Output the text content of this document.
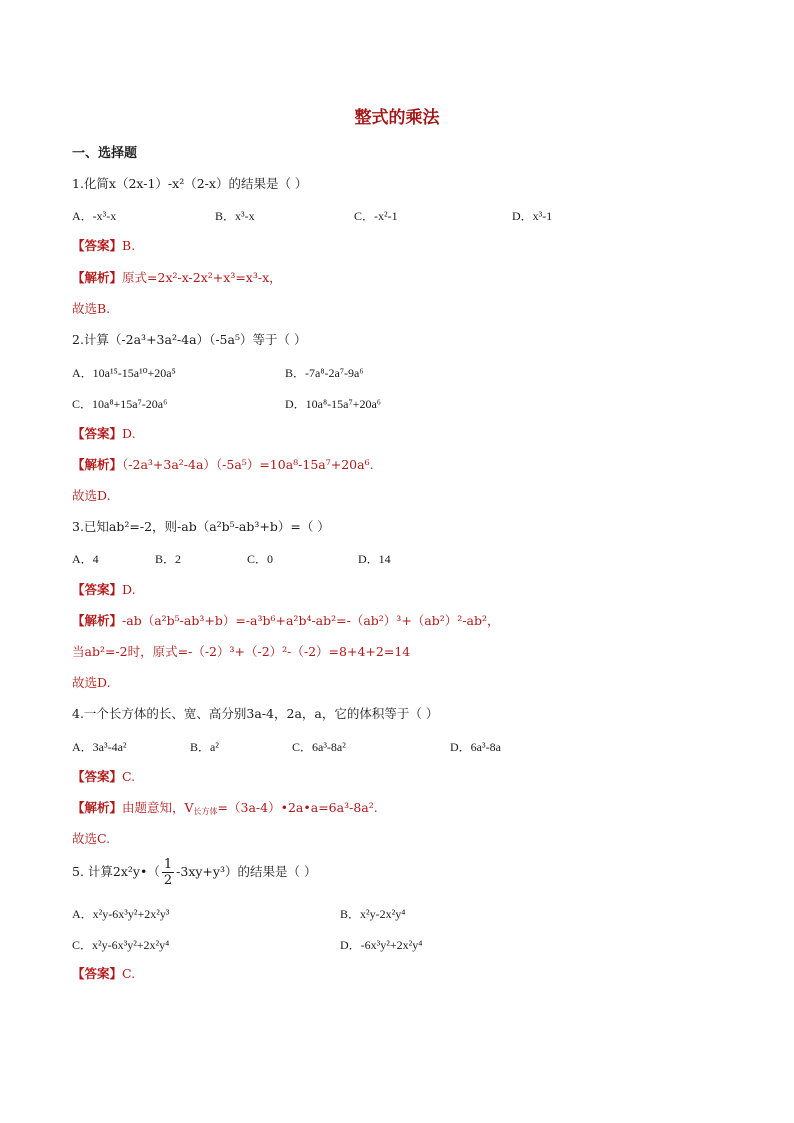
整式的乘法
一、选择题
1.化简x（2x-1）-x²（2-x）的结果是（ ）
A．-x³-x	B．x³-x	C．-x²-1	D．x³-1
【答案】B.
【解析】原式=2x²-x-2x²+x³=x³-x，
故选B.
2.计算（-2a³+3a²-4a）（-5a⁵）等于（ ）
A．10a¹⁵-15a¹⁰+20a⁵	B．-7a⁸-2a⁷-9a⁶
C．10a⁸+15a⁷-20a⁶	D．10a⁸-15a⁷+20a⁶
【答案】D.
【解析】（-2a³+3a²-4a）（-5a⁵）=10a⁸-15a⁷+20a⁶.
故选D.
3.已知ab²=-2，则-ab（a²b⁵-ab³+b）=（ ）
A．4	B．2	C．0	D．14
【答案】D.
【解析】-ab（a²b⁵-ab³+b）=-a³b⁶+a²b⁴-ab²=-（ab²）³+（ab²）²-ab²，
当ab²=-2时，原式=-（-2）³+（-2）²-（-2）=8+4+2=14
故选D.
4.一个长方体的长、宽、高分别3a-4，2a，a，它的体积等于（ ）
A．3a³-4a²	B．a²	C．6a³-8a²	D．6a³-8a
【答案】C.
【解析】由题意知，V长方体=（3a-4）•2a•a=6a³-8a².
故选C.
5. 计算2x²y•（ $\frac{1}{2} -3xy+y^3$）的结果是（ ）
A．x²y-6x³y²+2x²y³	B．x²y-2x²y⁴
C．x²y-6x³y²+2x²y⁴	D．-6x³y²+2x²y⁴
【答案】C.
